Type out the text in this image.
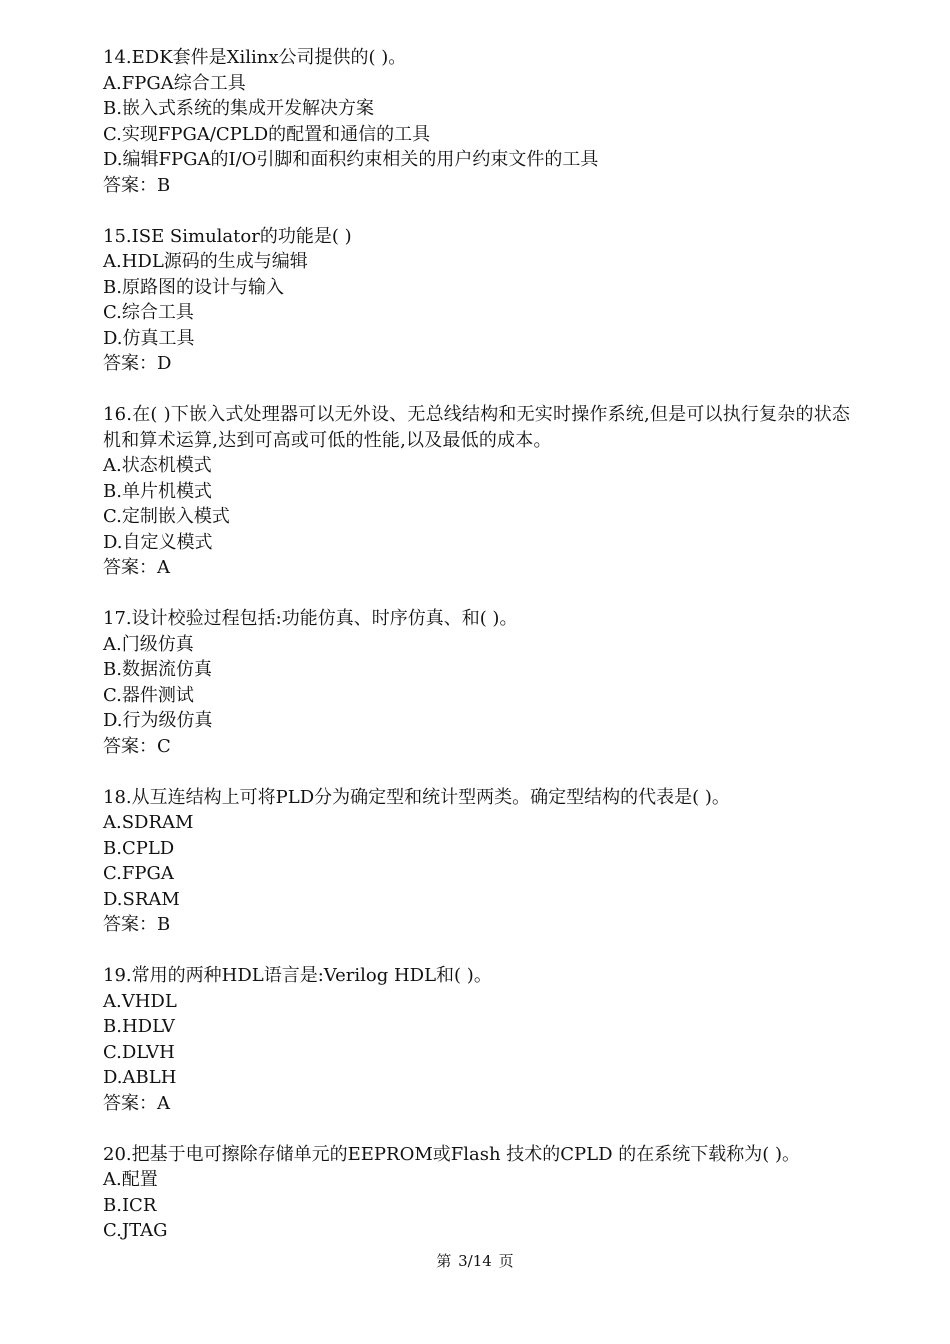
14.EDK套件是Xilinx公司提供的( )。
A.FPGA综合工具
B.嵌入式系统的集成开发解决方案
C.实现FPGA/CPLD的配置和通信的工具
D.编辑FPGA的I/O引脚和面积约束相关的用户约束文件的工具
答案：B
15.ISE Simulator的功能是( )
A.HDL源码的生成与编辑
B.原路图的设计与输入
C.综合工具
D.仿真工具
答案：D
16.在( )下嵌入式处理器可以无外设、无总线结构和无实时操作系统,但是可以执行复杂的状态机和算术运算,达到可高或可低的性能,以及最低的成本。
A.状态机模式
B.单片机模式
C.定制嵌入模式
D.自定义模式
答案：A
17.设计校验过程包括:功能仿真、时序仿真、和( )。
A.门级仿真
B.数据流仿真
C.器件测试
D.行为级仿真
答案：C
18.从互连结构上可将PLD分为确定型和统计型两类。确定型结构的代表是( )。
A.SDRAM
B.CPLD
C.FPGA
D.SRAM
答案：B
19.常用的两种HDL语言是:Verilog HDL和( )。
A.VHDL
B.HDLV
C.DLVH
D.ABLH
答案：A
20.把基于电可擦除存储单元的EEPROM或Flash 技术的CPLD 的在系统下载称为( )。
A.配置
B.ICR
C.JTAG
第 3/14 页
